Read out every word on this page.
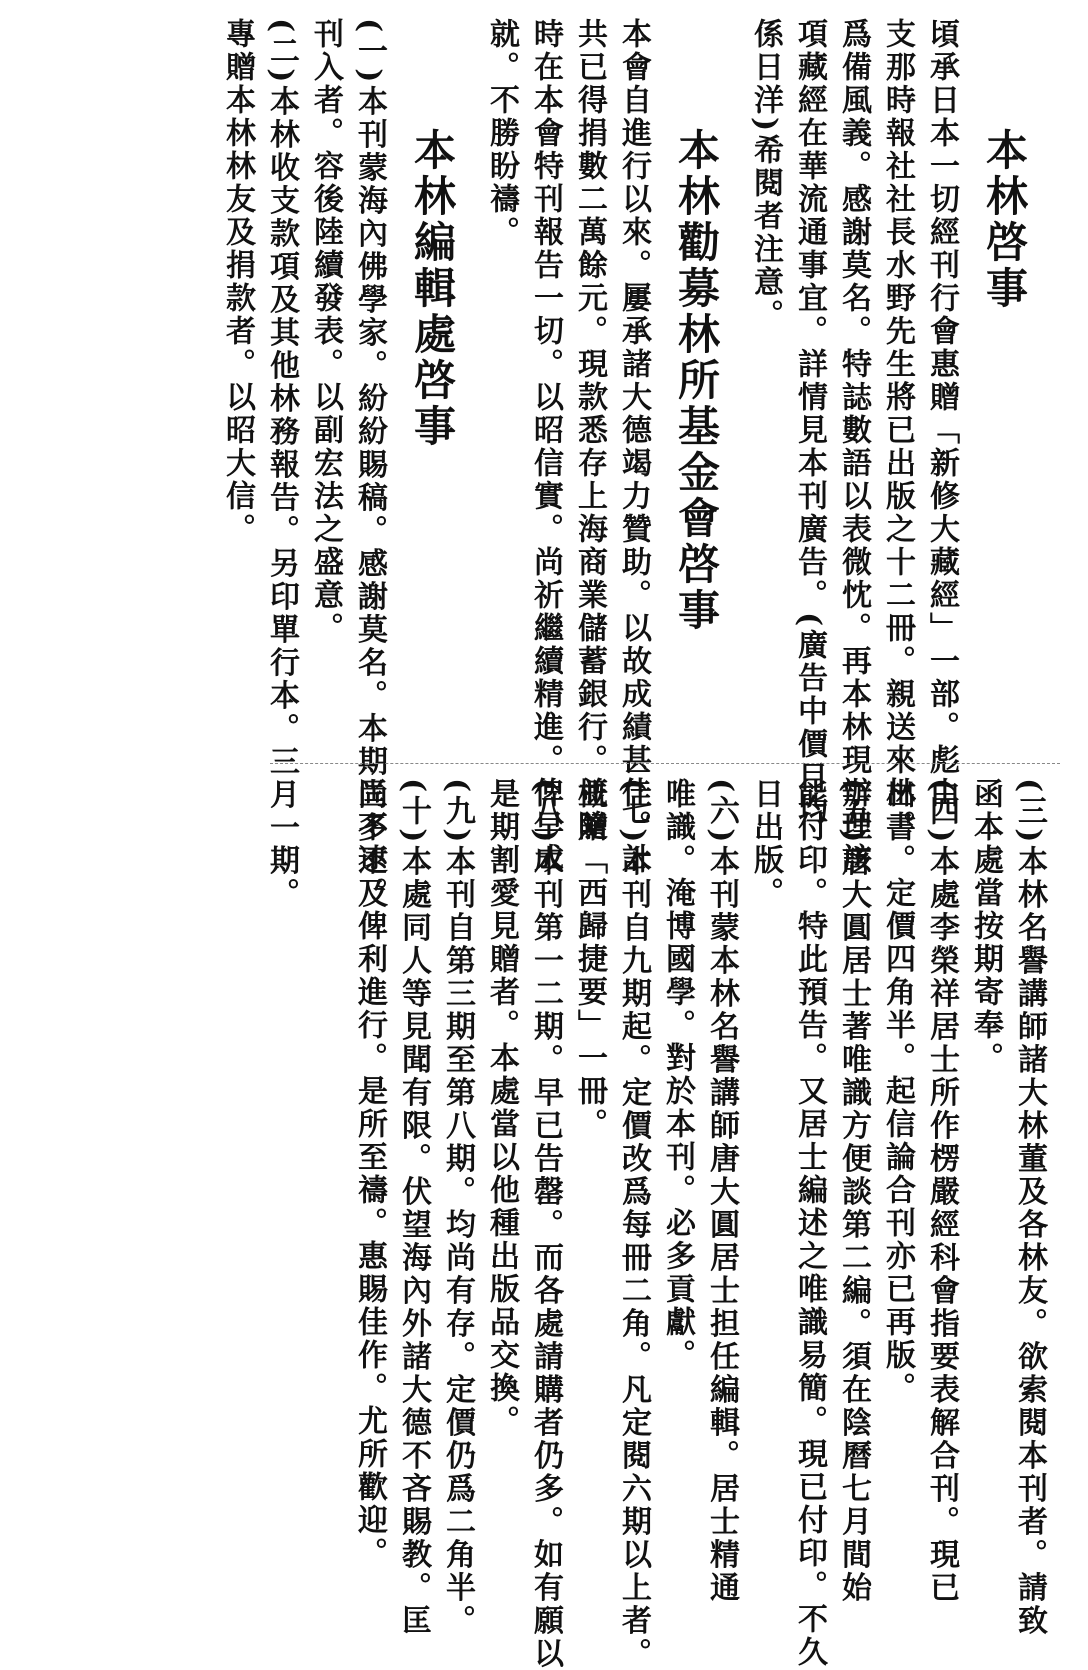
本林啓事
頃承日本一切經刊行會惠贈「新修大藏經」一部。彪由
支那時報社社長水野先生將已出版之十二冊。親送來林。
爲備風義。感謝莫名。特誌數語以表微忱。再本林現辦理該
項藏經在華流通事宜。詳情見本刊廣告。(廣告中價目均
係日洋)希閱者注意。
本林勸募林所基金會啓事
本會自進行以來。屢承諸大德竭力贊助。以故成績甚佳。計
共已得捐數二萬餘元。現款悉存上海商業儲蓄銀行。並隨
時在本會特刊報告一切。以昭信實。尚祈繼續精進。俾早成
就。不勝盼禱。
本林編輯處啓事
(一)本刊蒙海內佛學家。紛紛賜稿。感謝莫名。本期尚多不及
刊入者。容後陸續發表。以副宏法之盛意。
(二)本林收支款項及其他林務報告。另印單行本。三月一期。
專贈本林林友及捐款者。以昭大信。
(三)本林名譽講師諸大林董及各林友。欲索閱本刊者。請致
函本處當按期寄奉。
(四)本處李榮祥居士所作楞嚴經科會指要表解合刊。現已
出書。定價四角半。起信論合刊亦已再版。
(五)唐大圓居士著唯識方便談第二編。須在陰曆七月間始
能付印。特此預告。又居士編述之唯識易簡。現已付印。不久
日出版。
(六)本刊蒙本林名譽講師唐大圓居士担任編輯。居士精通
唯識。淹博國學。對於本刊。必多貢獻。
(七)本刊自九期起。定價改爲每冊二角。凡定閱六期以上者。
概贈「西歸捷要」一冊。
(八)本刊第一二期。早已告罄。而各處請購者仍多。如有願以
是期割愛見贈者。本處當以他種出版品交換。
(九)本刊自第三期至第八期。均尚有存。定價仍爲二角半。
(十)本處同人等見聞有限。伏望海內外諸大德不吝賜教。匡
匡不逮。俾利進行。是所至禱。惠賜佳作。尤所歡迎。
